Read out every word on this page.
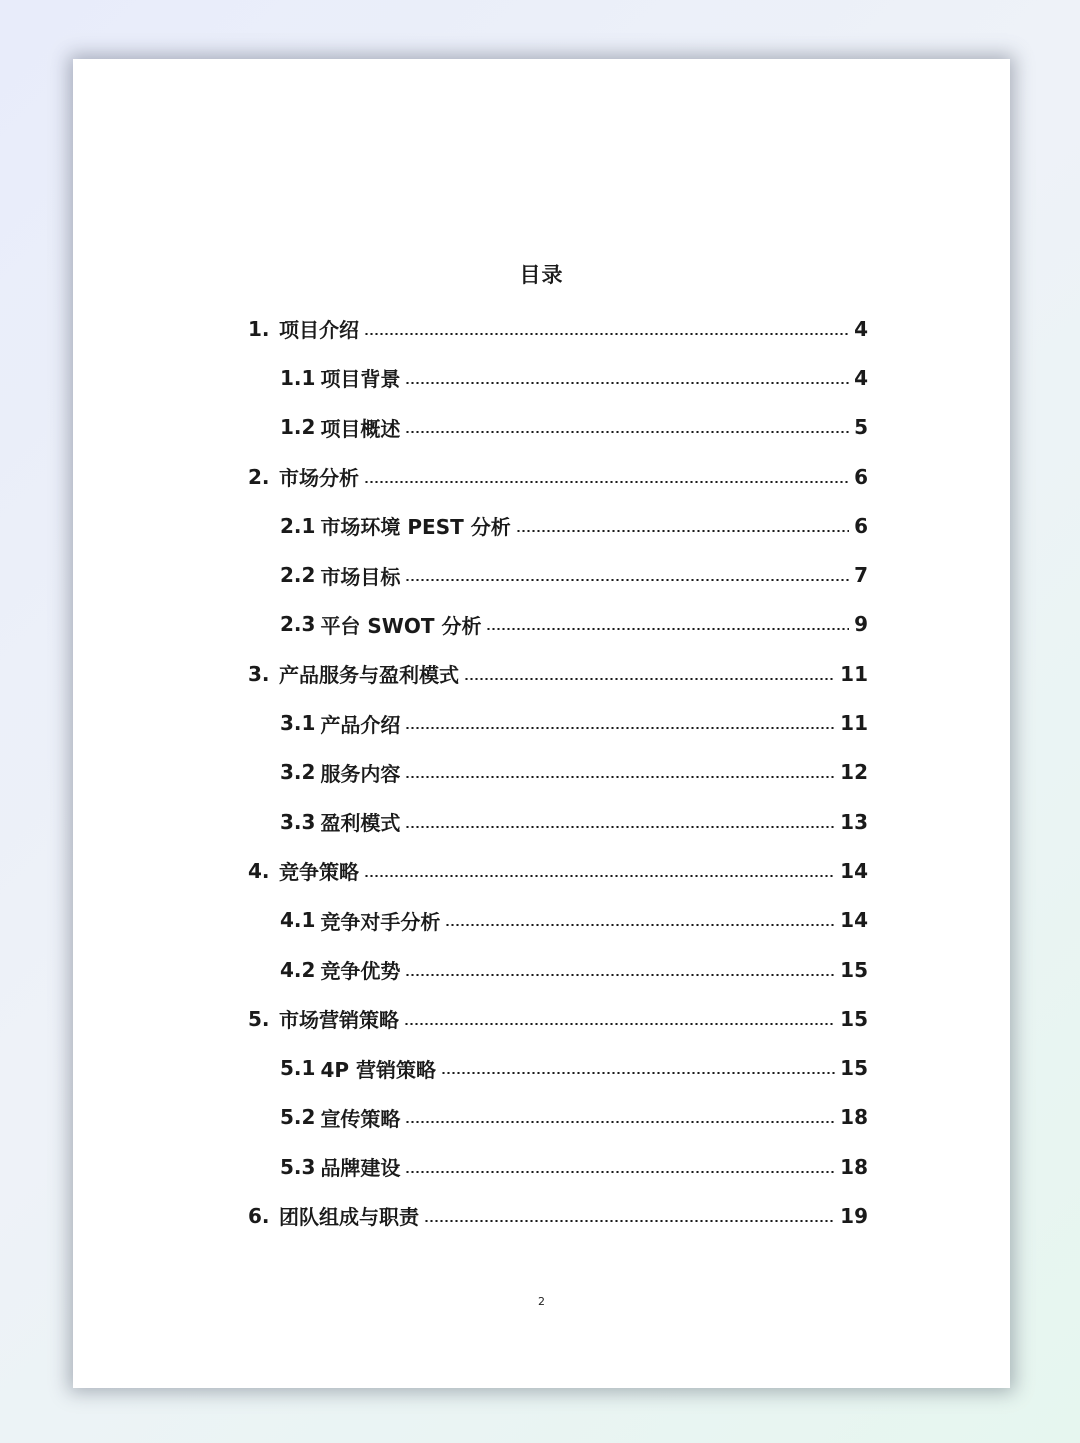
目录
1. 项目介绍	4
1.1 项目背景	4
1.2 项目概述	5
2. 市场分析	6
2.1 市场环境 PEST 分析	6
2.2 市场目标	7
2.3 平台 SWOT 分析	9
3. 产品服务与盈利模式	11
3.1 产品介绍	11
3.2 服务内容	12
3.3 盈利模式	13
4. 竞争策略	14
4.1 竞争对手分析	14
4.2 竞争优势	15
5. 市场营销策略	15
5.1 4P 营销策略	15
5.2 宣传策略	18
5.3 品牌建设	18
6. 团队组成与职责	19
2
